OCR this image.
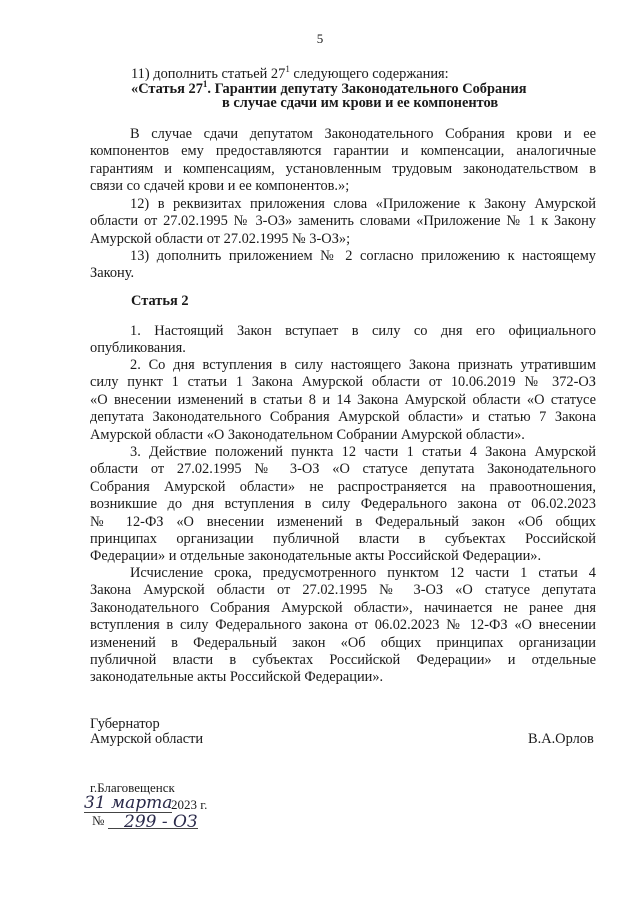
5
11) дополнить статьей $27^1$ следующего содержания:
«Статья $27^1$. Гарантии депутату Законодательного Собрания
в случае сдачи им крови и ее компонентов
В случае сдачи депутатом Законодательного Собрания крови и ее
компонентов ему предоставляются гарантии и компенсации, аналогичные
гарантиям и компенсациям, установленным трудовым законодательством в
связи со сдачей крови и ее компонентов.»;
12) в реквизитах приложения слова «Приложение к Закону Амурской
области от 27.02.1995 № 3-ОЗ» заменить словами «Приложение № 1 к Закону
Амурской области от 27.02.1995 № 3-ОЗ»;
13) дополнить приложением № 2 согласно приложению к настоящему
Закону.
Статья 2
1. Настоящий Закон вступает в силу со дня его официального
опубликования.
2. Со дня вступления в силу настоящего Закона признать утратившим
силу пункт 1 статьи 1 Закона Амурской области от 10.06.2019 № 372-ОЗ
«О внесении изменений в статьи 8 и 14 Закона Амурской области «О статусе
депутата Законодательного Собрания Амурской области» и статью 7 Закона
Амурской области «О Законодательном Собрании Амурской области».
3. Действие положений пункта 12 части 1 статьи 4 Закона Амурской
области от 27.02.1995 № 3-ОЗ «О статусе депутата Законодательного
Собрания Амурской области» не распространяется на правоотношения,
возникшие до дня вступления в силу Федерального закона от 06.02.2023
№ 12-ФЗ «О внесении изменений в Федеральный закон «Об общих
принципах организации публичной власти в субъектах Российской
Федерации» и отдельные законодательные акты Российской Федерации».
Исчисление срока, предусмотренного пунктом 12 части 1 статьи 4
Закона Амурской области от 27.02.1995 № 3-ОЗ «О статусе депутата
Законодательного Собрания Амурской области», начинается не ранее дня
вступления в силу Федерального закона от 06.02.2023 № 12-ФЗ «О внесении
изменений в Федеральный закон «Об общих принципах организации
публичной власти в субъектах Российской Федерации» и отдельные
законодательные акты Российской Федерации».
Губернатор
Амурской области	В.А.Орлов
г.Благовещенск
31 марта
2023 г.
№ 299 - ОЗ
